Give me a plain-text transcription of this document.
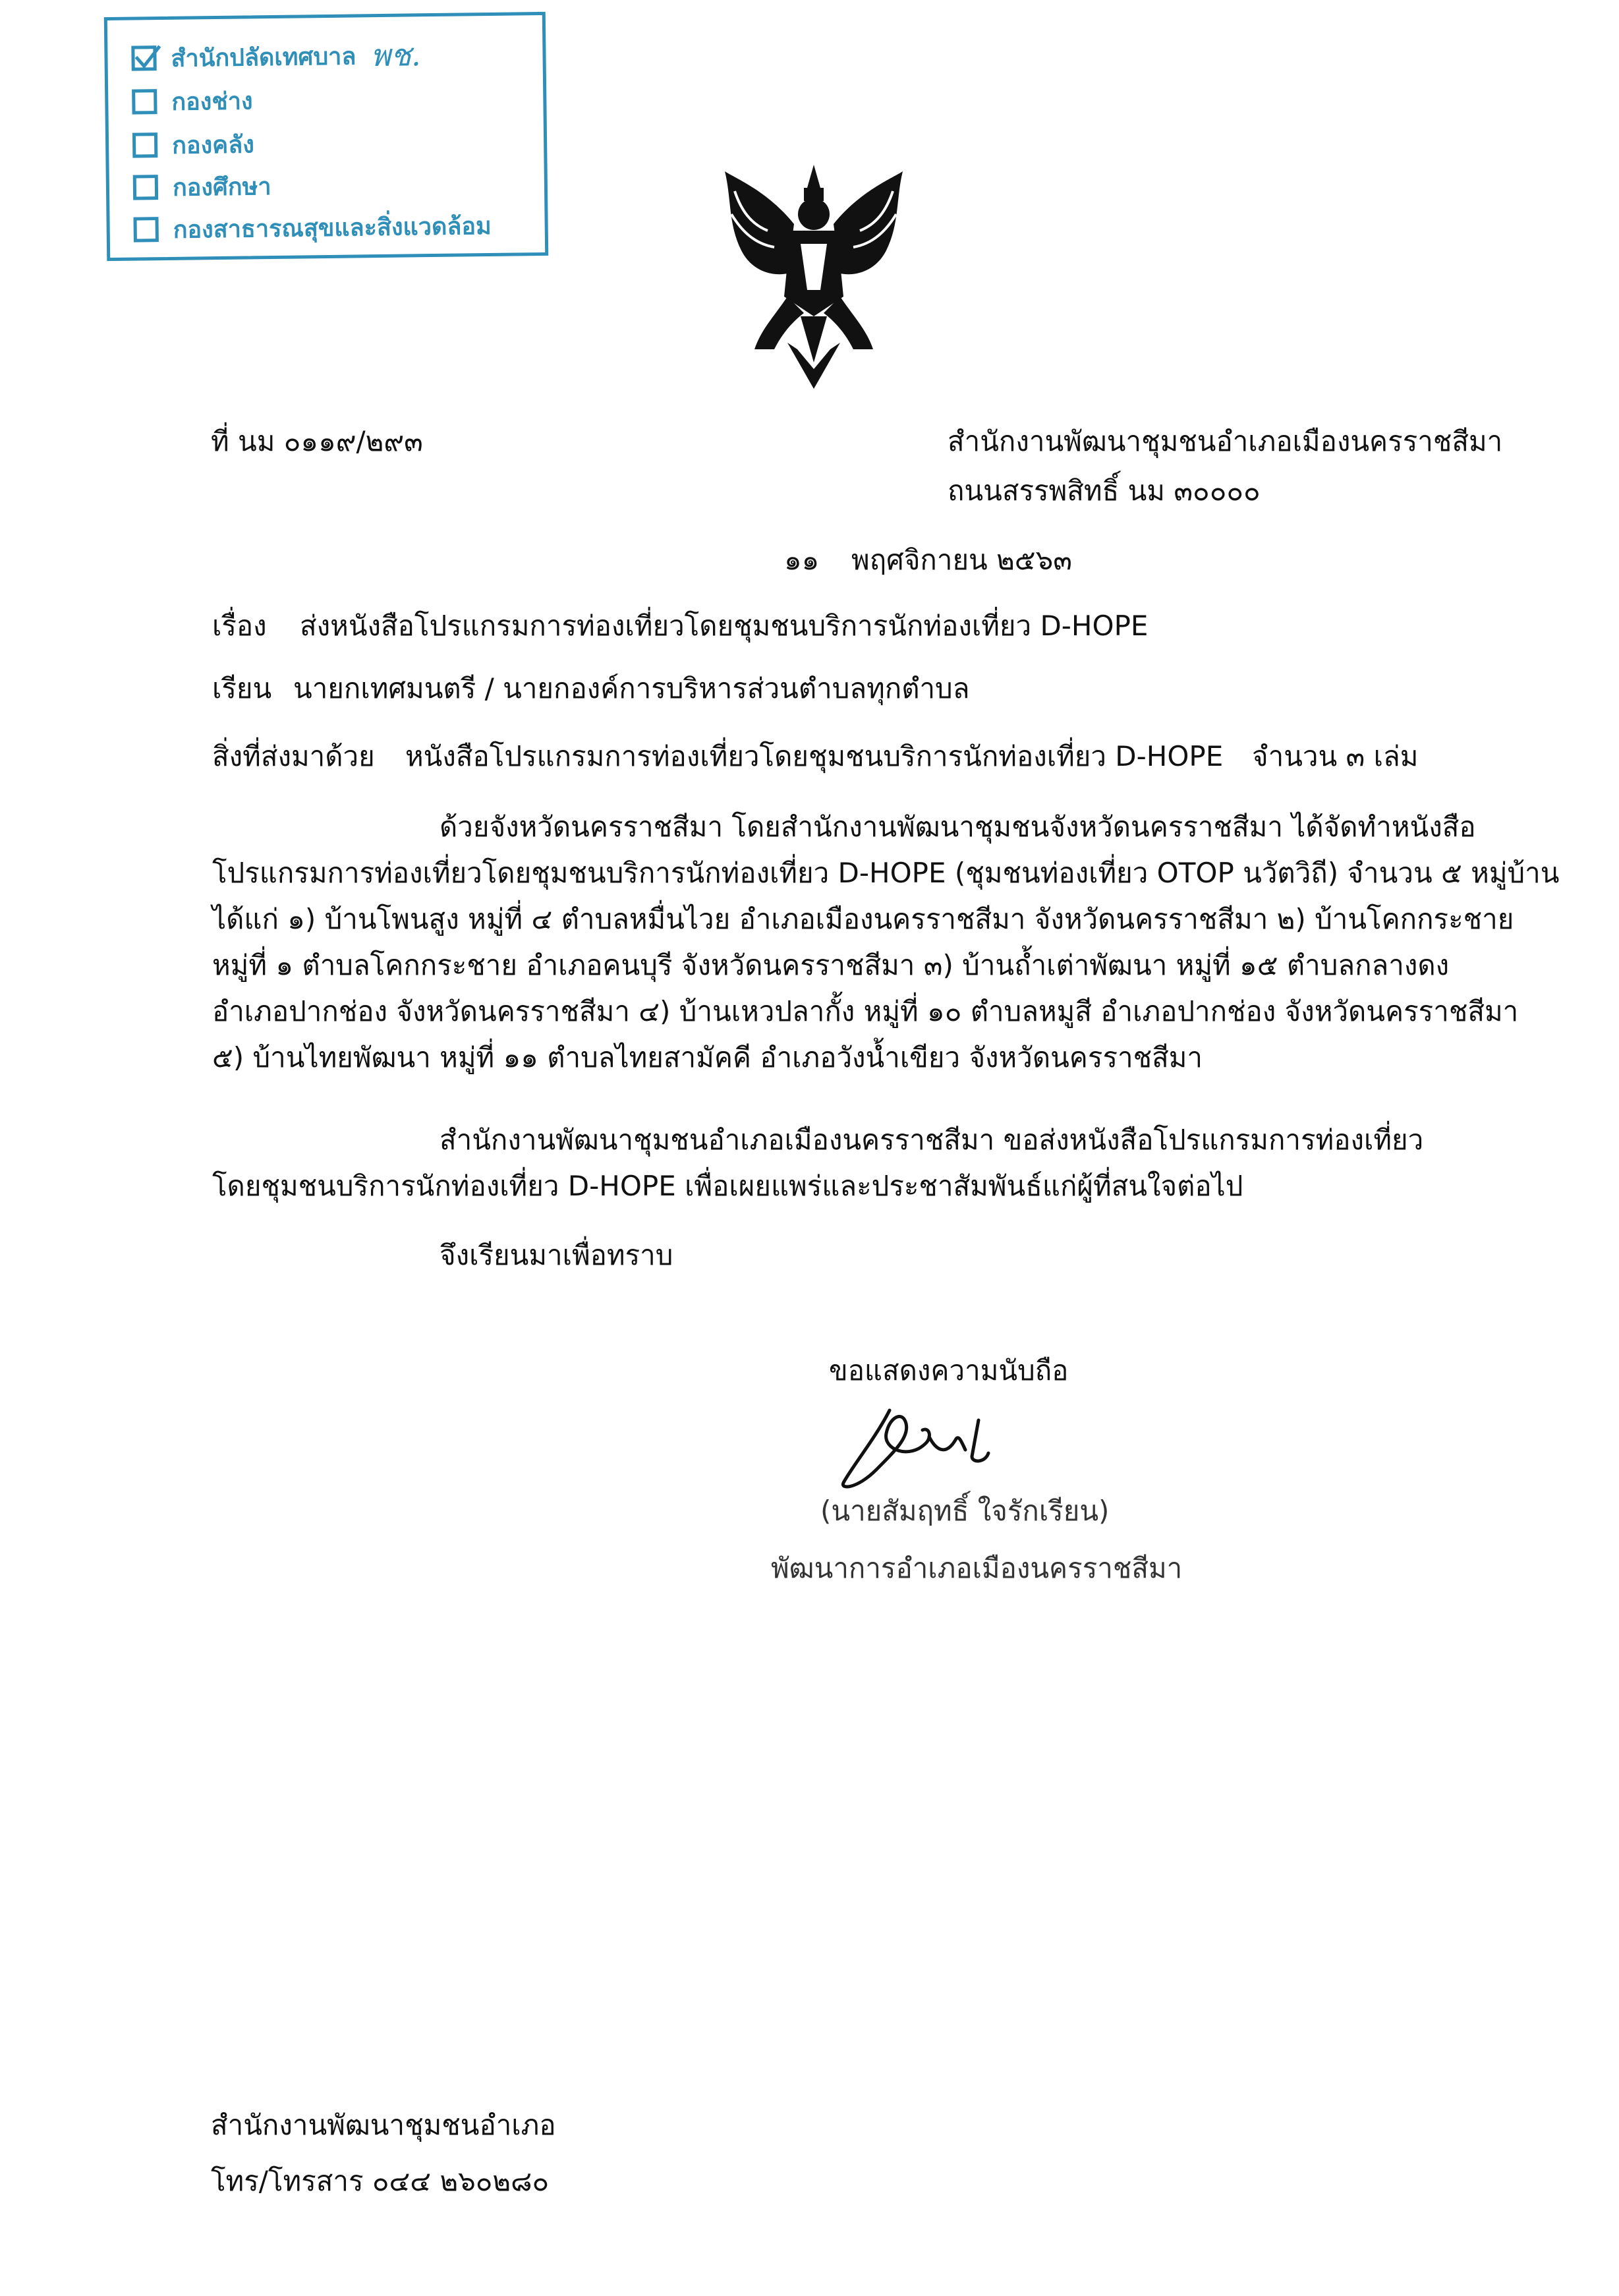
สำนักปลัดเทศบาล พช.
กองช่าง
กองคลัง
กองศึกษา
กองสาธารณสุขและสิ่งแวดล้อม
ที่ นม ๐๑๑๙/๒๙๓	สำนักงานพัฒนาชุมชนอำเภอเมืองนครราชสีมา
ถนนสรรพสิทธิ์ นม ๓๐๐๐๐
๑๑ พฤศจิกายน ๒๕๖๓
เรื่อง ส่งหนังสือโปรแกรมการท่องเที่ยวโดยชุมชนบริการนักท่องเที่ยว D-HOPE
เรียน นายกเทศมนตรี / นายกองค์การบริหารส่วนตำบลทุกตำบล
สิ่งที่ส่งมาด้วย หนังสือโปรแกรมการท่องเที่ยวโดยชุมชนบริการนักท่องเที่ยว D-HOPE จำนวน ๓ เล่ม
ด้วยจังหวัดนครราชสีมา โดยสำนักงานพัฒนาชุมชนจังหวัดนครราชสีมา ได้จัดทำหนังสือ
โปรแกรมการท่องเที่ยวโดยชุมชนบริการนักท่องเที่ยว D-HOPE (ชุมชนท่องเที่ยว OTOP นวัตวิถี) จำนวน ๕ หมู่บ้าน
ได้แก่ ๑) บ้านโพนสูง หมู่ที่ ๔ ตำบลหมื่นไวย อำเภอเมืองนครราชสีมา จังหวัดนครราชสีมา ๒) บ้านโคกกระชาย
หมู่ที่ ๑ ตำบลโคกกระชาย อำเภอคนบุรี จังหวัดนครราชสีมา ๓) บ้านถ้ำเต่าพัฒนา หมู่ที่ ๑๕ ตำบลกลางดง
อำเภอปากช่อง จังหวัดนครราชสีมา ๔) บ้านเหวปลากั้ง หมู่ที่ ๑๐ ตำบลหมูสี อำเภอปากช่อง จังหวัดนครราชสีมา
๕) บ้านไทยพัฒนา หมู่ที่ ๑๑ ตำบลไทยสามัคคี อำเภอวังน้ำเขียว จังหวัดนครราชสีมา
สำนักงานพัฒนาชุมชนอำเภอเมืองนครราชสีมา ขอส่งหนังสือโปรแกรมการท่องเที่ยว
โดยชุมชนบริการนักท่องเที่ยว D-HOPE เพื่อเผยแพร่และประชาสัมพันธ์แก่ผู้ที่สนใจต่อไป
จึงเรียนมาเพื่อทราบ
ขอแสดงความนับถือ
(นายสัมฤทธิ์ ใจรักเรียน)
พัฒนาการอำเภอเมืองนครราชสีมา
สำนักงานพัฒนาชุมชนอำเภอ
โทร/โทรสาร ๐๔๔ ๒๖๐๒๘๐
